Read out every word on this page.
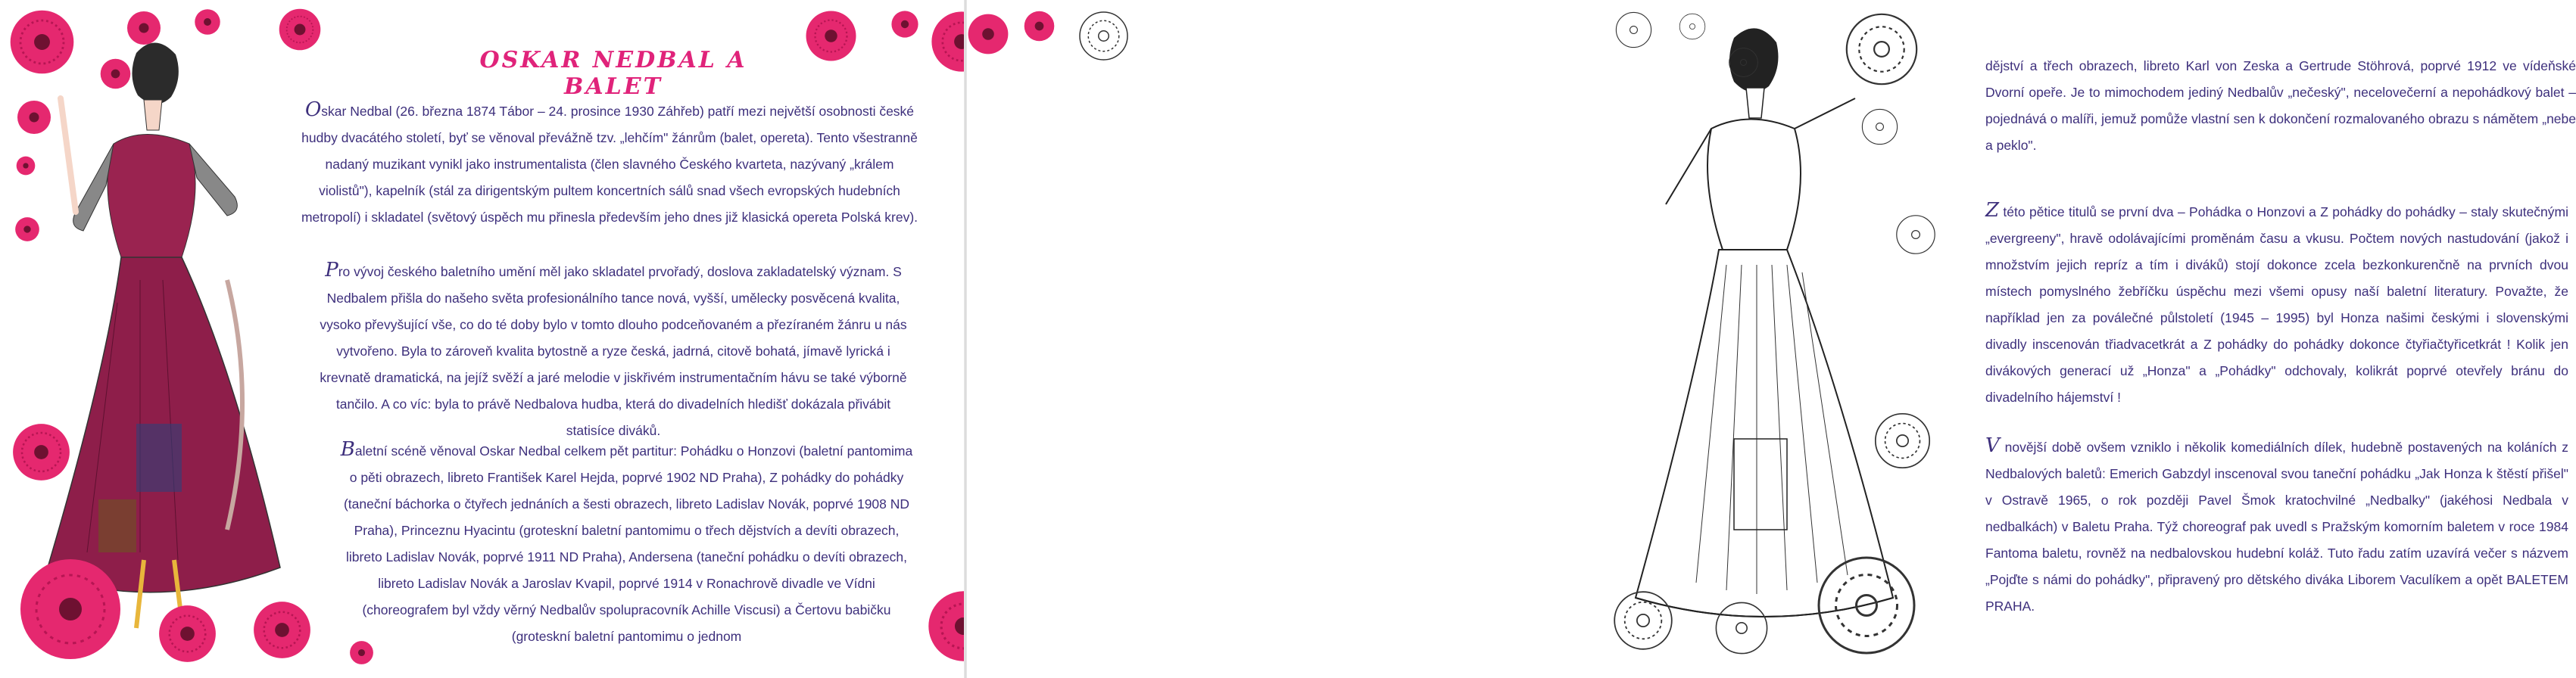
OSKAR NEDBAL A BALET

Oskar Nedbal (26. března 1874 Tábor – 24. prosince 1930 Záhřeb) patří mezi největší osobnosti české hudby dvacátého století, byť se věnoval převážně tzv. „lehčím" žánrům (balet, opereta). Tento všestranně nadaný muzikant vynikl jako instrumentalista (člen slavného Českého kvarteta, nazývaný „králem violistů"), kapelník (stál za dirigentským pultem koncertních sálů snad všech evropských hudebních metropolí) i skladatel (světový úspěch mu přinesla především jeho dnes již klasická opereta Polská krev).

Pro vývoj českého baletního umění měl jako skladatel prvořadý, doslova zakladatelský význam. S Nedbalem přišla do našeho světa profesionálního tance nová, vyšší, umělecky posvěcená kvalita, vysoko převyšující vše, co do té doby bylo v tomto dlouho podceňovaném a přezíraném žánru u nás vytvořeno. Byla to zároveň kvalita bytostně a ryze česká, jadrná, citově bohatá, jímavě lyrická i krevnatě dramatická, na jejíž svěží a jaré melodie v jiskřivém instrumentačním hávu se také výborně tančilo. A co víc: byla to právě Nedbalova hudba, která do divadelních hledišť dokázala přivábit statisíce diváků.

Baletní scéně věnoval Oskar Nedbal celkem pět partitur: Pohádku o Honzovi (baletní pantomima o pěti obrazech, libreto František Karel Hejda, poprvé 1902 ND Praha), Z pohádky do pohádky (taneční báchorka o čtyřech jednáních a šesti obrazech, libreto Ladislav Novák, poprvé 1908 ND Praha), Princeznu Hyacintu (groteskní baletní pantomimu o třech dějstvích a devíti obrazech, libreto Ladislav Novák, poprvé 1911 ND Praha), Andersena (taneční pohádku o devíti obrazech, libreto Ladislav Novák a Jaroslav Kvapil, poprvé 1914 v Ronachrově divadle ve Vídni (choreografem byl vždy věrný Nedbalův spolupracovník Achille Viscusi) a Čertovu babičku (groteskní baletní pantomimu o jednom

dějství a třech obrazech, libreto Karl von Zeska a Gertrude Stöhrová, poprvé 1912 ve vídeňské Dvorní opeře. Je to mimochodem jediný Nedbalův „nečeský", necelovečerní a nepohádkový balet – pojednává o malíři, jemuž pomůže vlastní sen k dokončení rozmalovaného obrazu s námětem „nebe a peklo".

Z této pětice titulů se první dva – Pohádka o Honzovi a Z pohádky do pohádky – staly skutečnými „evergreeny", hravě odolávajícími proměnám času a vkusu. Počtem nových nastudování (jakož i množstvím jejich repríz a tím i diváků) stojí dokonce zcela bezkonkurenčně na prvních dvou místech pomyslného žebříčku úspěchu mezi všemi opusy naší baletní literatury. Považte, že například jen za poválečné půlstoletí (1945 – 1995) byl Honza našimi českými i slovenskými divadly inscenován třiadvacetkrát a Z pohádky do pohádky dokonce čtyřiačtyřicetkrát ! Kolik jen divákových generací už „Honza" a „Pohádky" odchovaly, kolikrát poprvé otevřely bránu do divadelního hájemství !

V novější době ovšem vzniklo i několik komediálních dílek, hudebně postavených na koláních z Nedbalových baletů: Emerich Gabzdyl inscenoval svou taneční pohádku „Jak Honza k štěstí přišel" v Ostravě 1965, o rok později Pavel Šmok kratochvilné „Nedbalky" (jakéhosi Nedbala v nedbalkách) v Baletu Praha. Týž choreograf pak uvedl s Pražským komorním baletem v roce 1984 Fantoma baletu, rovněž na nedbalovskou hudební koláž. Tuto řadu zatím uzavírá večer s názvem „Pojďte s námi do pohádky", připravený pro dětského diváka Liborem Vaculíkem a opět BALETEM PRAHA.
